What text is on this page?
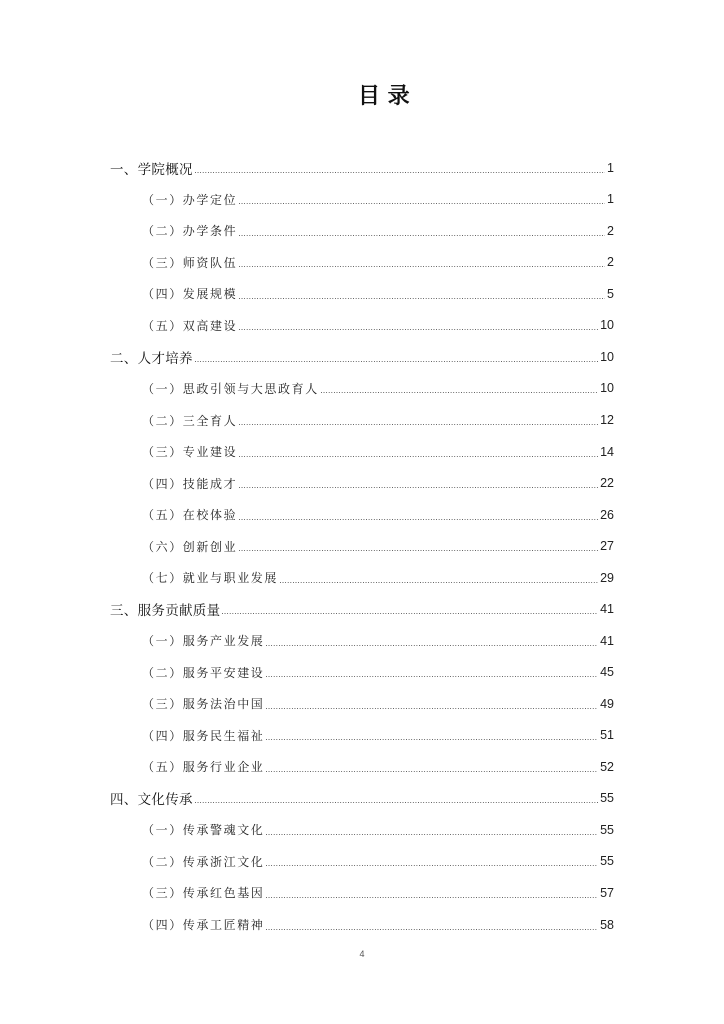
目 录
一、学院概况	1
（一）办学定位	1
（二）办学条件	2
（三）师资队伍	2
（四）发展规模	5
（五）双高建设	10
二、人才培养	10
（一）思政引领与大思政育人	10
（二）三全育人	12
（三）专业建设	14
（四）技能成才	22
（五）在校体验	26
（六）创新创业	27
（七）就业与职业发展	29
三、服务贡献质量	41
（一）服务产业发展	41
（二）服务平安建设	45
（三）服务法治中国	49
（四）服务民生福祉	51
（五）服务行业企业	52
四、文化传承	55
（一）传承警魂文化	55
（二）传承浙江文化	55
（三）传承红色基因	57
（四）传承工匠精神	58
4
